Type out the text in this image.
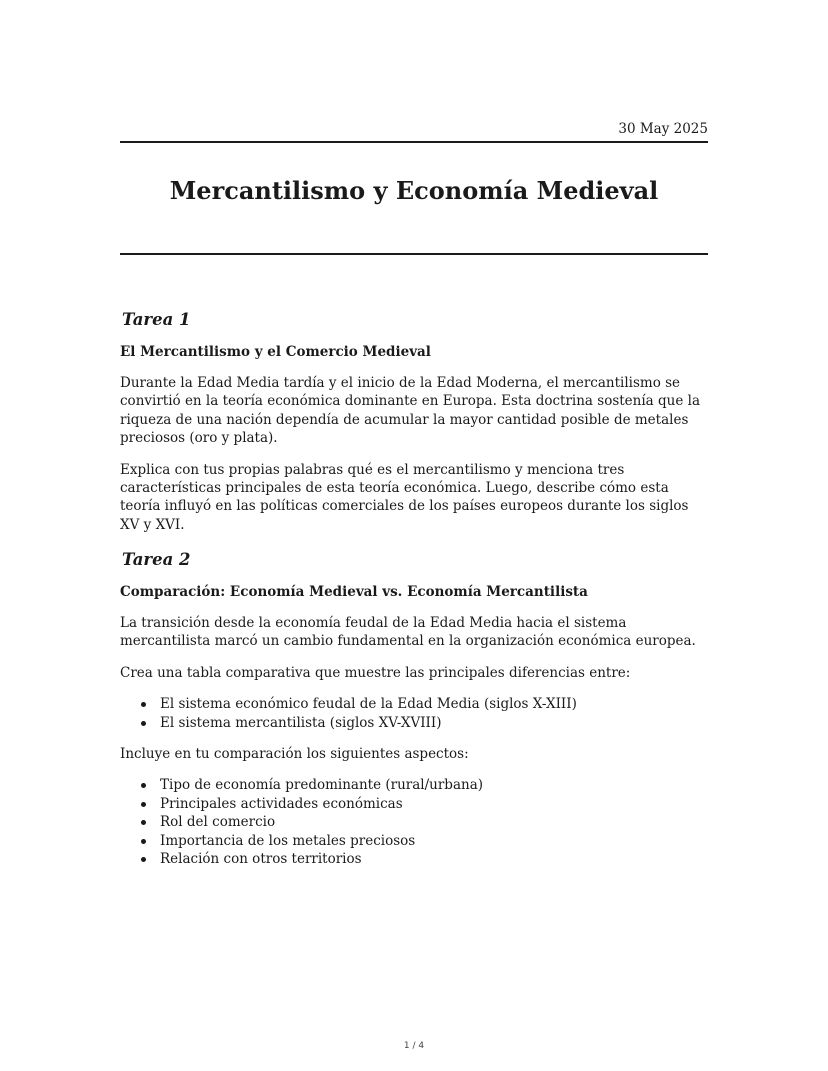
30 May 2025
Mercantilismo y Economía Medieval
Tarea 1

El Mercantilismo y el Comercio Medieval

Durante la Edad Media tardía y el inicio de la Edad Moderna, el mercantilismo se convirtió en la teoría económica dominante en Europa. Esta doctrina sostenía que la riqueza de una nación dependía de acumular la mayor cantidad posible de metales preciosos (oro y plata).

Explica con tus propias palabras qué es el mercantilismo y menciona tres características principales de esta teoría económica. Luego, describe cómo esta teoría influyó en las políticas comerciales de los países europeos durante los siglos XV y XVI.

Tarea 2

Comparación: Economía Medieval vs. Economía Mercantilista

La transición desde la economía feudal de la Edad Media hacia el sistema mercantilista marcó un cambio fundamental en la organización económica europea.

Crea una tabla comparativa que muestre las principales diferencias entre:

El sistema económico feudal de la Edad Media (siglos X-XIII)
El sistema mercantilista (siglos XV-XVIII)

Incluye en tu comparación los siguientes aspectos:

Tipo de economía predominante (rural/urbana)
Principales actividades económicas
Rol del comercio
Importancia de los metales preciosos
Relación con otros territorios
1 / 4
